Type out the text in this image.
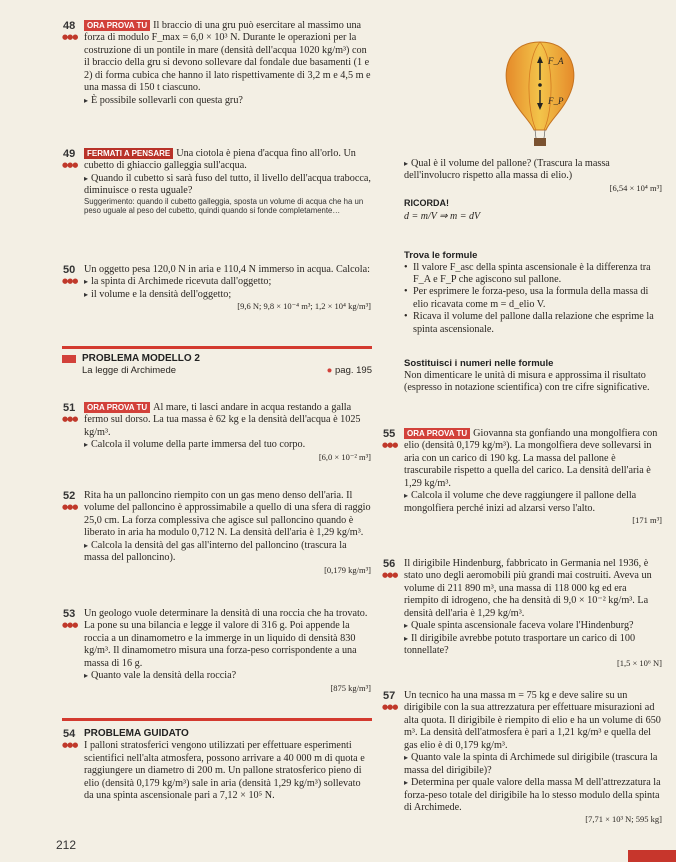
48
●●●

ORA PROVA TU Il braccio di una gru può esercitare al massimo una forza di modulo F_max = 6,0 × 10³ N. Durante le operazioni per la costruzione di un pontile in mare (densità dell'acqua 1020 kg/m³) con il braccio della gru si devono sollevare dal fondale due basamenti (1 e 2) di forma cubica che hanno il lato rispettivamente di 3,2 m e 4,5 m e una massa di 150 t ciascuno.

▸ È possibile sollevarli con questa gru?

49
●●●

FERMATI A PENSARE Una ciotola è piena d'acqua fino all'orlo. Un cubetto di ghiaccio galleggia sull'acqua.

▸ Quando il cubetto si sarà fuso del tutto, il livello dell'acqua trabocca, diminuisce o resta uguale?

Suggerimento: quando il cubetto galleggia, sposta un volume di acqua che ha un peso uguale al peso del cubetto, quindi quando si fonde completamente…

50
●●●

Un oggetto pesa 120,0 N in aria e 110,4 N immerso in acqua. Calcola:

▸ la spinta di Archimede ricevuta dall'oggetto;

▸ il volume e la densità dell'oggetto;

[9,6 N; 9,8 × 10⁻⁴ m³; 1,2 × 10⁴ kg/m³]

PROBLEMA MODELLO 2
La legge di Archimede	● pag. 195
51
●●●

ORA PROVA TU Al mare, ti lasci andare in acqua restando a galla fermo sul dorso. La tua massa è 62 kg e la densità dell'acqua è 1025 kg/m³.

▸ Calcola il volume della parte immersa del tuo corpo.

[6,0 × 10⁻² m³]

52
●●●

Rita ha un palloncino riempito con un gas meno denso dell'aria. Il volume del palloncino è approssimabile a quello di una sfera di raggio 25,0 cm. La forza complessiva che agisce sul palloncino quando è liberato in aria ha modulo 0,712 N. La densità dell'aria è 1,29 kg/m³.

▸ Calcola la densità del gas all'interno del palloncino (trascura la massa del palloncino).

[0,179 kg/m³]

53
●●●

Un geologo vuole determinare la densità di una roccia che ha trovato. La pone su una bilancia e legge il valore di 316 g. Poi appende la roccia a un dinamometro e la immerge in un liquido di densità 830 kg/m³. Il dinamometro misura una forza-peso corrispondente a una massa di 16 g.

▸ Quanto vale la densità della roccia?

[875 kg/m³]

54
●●●

PROBLEMA GUIDATO

I palloni stratosferici vengono utilizzati per effettuare esperimenti scientifici nell'alta atmosfera, possono arrivare a 40 000 m di quota e raggiungere un diametro di 200 m. Un pallone stratosferico pieno di elio (densità 0,179 kg/m³) sale in aria (densità 1,29 kg/m³) sollevato da una spinta ascensionale pari a 7,12 × 10⁵ N.

212
F_A
F_P

▸ Qual è il volume del pallone? (Trascura la massa dell'involucro rispetto alla massa di elio.)

[6,54 × 10⁴ m³]

RICORDA!
d = m/V ⇒ m = dV
Trova le formule
• Il valore F_asc della spinta ascensionale è la differenza tra F_A e F_P che agiscono sul pallone.
• Per esprimere le forza-peso, usa la formula della massa di elio ricavata come m = d_elio V.
• Ricava il volume del pallone dalla relazione che esprime la spinta ascensionale.
Sostituisci i numeri nelle formule
Non dimenticare le unità di misura e approssima il risultato (espresso in notazione scientifica) con tre cifre significative.
55
●●●

ORA PROVA TU Giovanna sta gonfiando una mongolfiera con elio (densità 0,179 kg/m³). La mongolfiera deve sollevarsi in aria con un carico di 190 kg. La massa del pallone è trascurabile rispetto a quella del carico. La densità dell'aria è 1,29 kg/m³.

▸ Calcola il volume che deve raggiungere il pallone della mongolfiera perché inizi ad alzarsi verso l'alto.

[171 m³]

56
●●●

Il dirigibile Hindenburg, fabbricato in Germania nel 1936, è stato uno degli aeromobili più grandi mai costruiti. Aveva un volume di 211 890 m³, una massa di 118 000 kg ed era riempito di idrogeno, che ha densità di 9,0 × 10⁻² kg/m³. La densità dell'aria è 1,29 kg/m³.

▸ Quale spinta ascensionale faceva volare l'Hindenburg?

▸ Il dirigibile avrebbe potuto trasportare un carico di 100 tonnellate?

[1,5 × 10⁶ N]

57
●●●

Un tecnico ha una massa m = 75 kg e deve salire su un dirigibile con la sua attrezzatura per effettuare misurazioni ad alta quota. Il dirigibile è riempito di elio e ha un volume di 650 m³. La densità dell'atmosfera è pari a 1,21 kg/m³ e quella del gas elio è di 0,179 kg/m³.

▸ Quanto vale la spinta di Archimede sul dirigibile (trascura la massa del dirigibile)?

▸ Determina per quale valore della massa M dell'attrezzatura la forza-peso totale del dirigibile ha lo stesso modulo della spinta di Archimede.

[7,71 × 10³ N; 595 kg]
